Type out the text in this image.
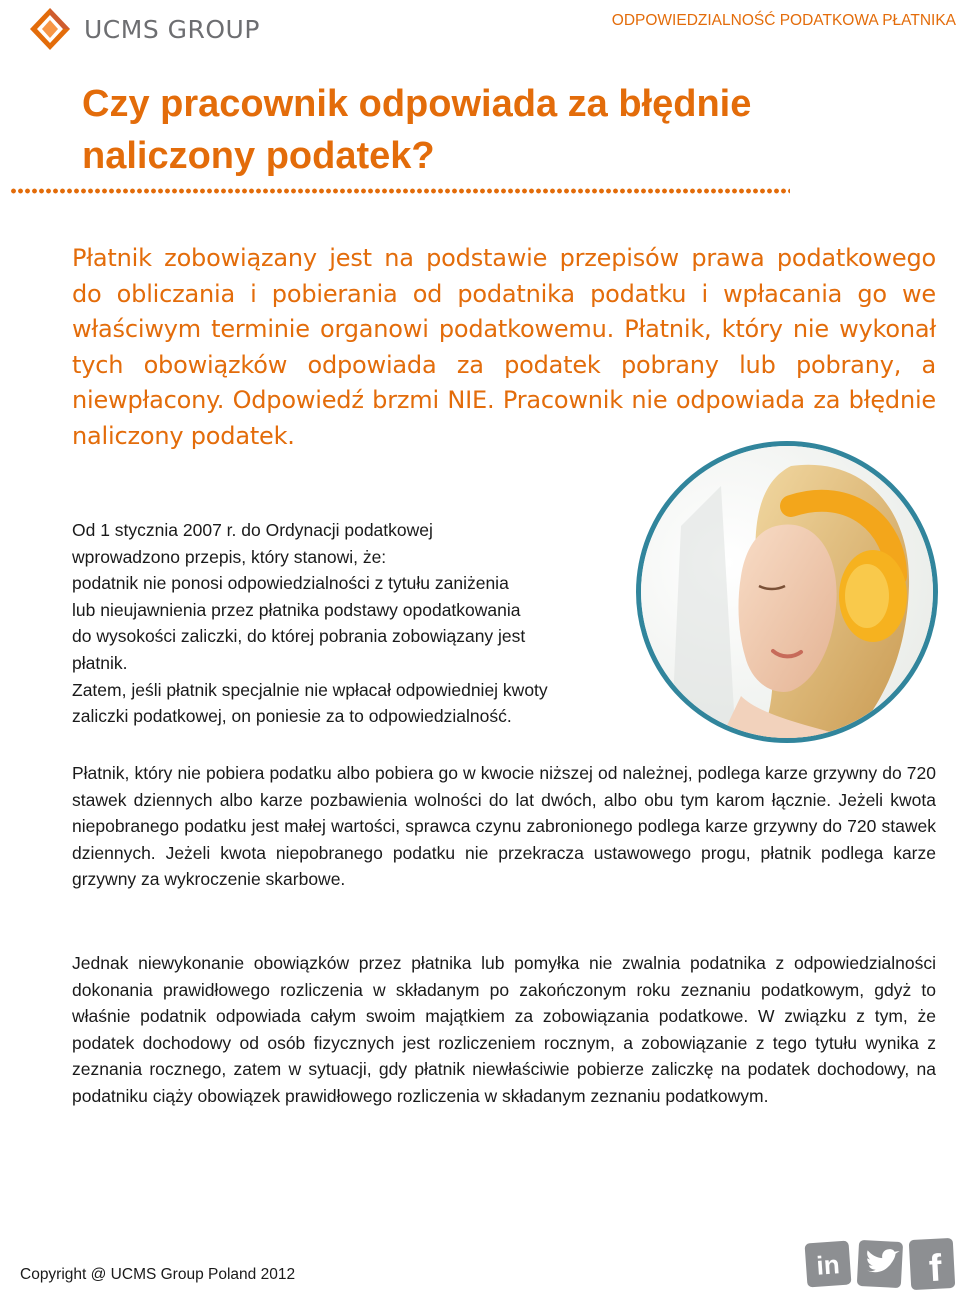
UCMS GROUP	ODPOWIEDZIALNOŚĆ PODATKOWA PŁATNIKA
Czy pracownik odpowiada za błędnie naliczony podatek?

Płatnik zobowiązany jest na podstawie przepisów prawa podatkowego do obliczania i pobierania od podatnika podatku i wpłacania go we właściwym terminie organowi podatkowemu. Płatnik, który nie wykonał tych obowiązków odpowiada za podatek pobrany lub pobrany, a niewpłacony. Odpowiedź brzmi NIE. Pracownik nie odpowiada za błędnie naliczony podatek.

Od 1 stycznia 2007 r. do Ordynacji podatkowej
wprowadzono przepis, który stanowi, że:
podatnik nie ponosi odpowiedzialności z tytułu zaniżenia
lub nieujawnienia przez płatnika podstawy opodatkowania
do wysokości zaliczki, do której pobrania zobowiązany jest
płatnik.
Zatem, jeśli płatnik specjalnie nie wpłacał odpowiedniej kwoty
zaliczki podatkowej, on poniesie za to odpowiedzialność.

Płatnik, który nie pobiera podatku albo pobiera go w kwocie niższej od należnej, podlega karze grzywny do 720 stawek dziennych albo karze pozbawienia wolności do lat dwóch, albo obu tym karom łącznie. Jeżeli kwota niepobranego podatku jest małej wartości, sprawca czynu zabronionego podlega karze grzywny do 720 stawek dziennych. Jeżeli kwota niepobranego podatku nie przekracza ustawowego progu, płatnik podlega karze grzywny za wykroczenie skarbowe.

Jednak niewykonanie obowiązków przez płatnika lub pomyłka nie zwalnia podatnika z odpowiedzialności dokonania prawidłowego rozliczenia w składanym po zakończonym roku zeznaniu podatkowym, gdyż to właśnie podatnik odpowiada całym swoim majątkiem za zobowiązania podatkowe. W związku z tym, że podatek dochodowy od osób fizycznych jest rozliczeniem rocznym, a zobowiązanie z tego tytułu wynika z zeznania rocznego, zatem w sytuacji, gdy płatnik niewłaściwie pobierze zaliczkę na podatek dochodowy, na podatniku ciąży obowiązek prawidłowego rozliczenia w składanym zeznaniu podatkowym.

Copyright @ UCMS Group Poland 2012	in f
